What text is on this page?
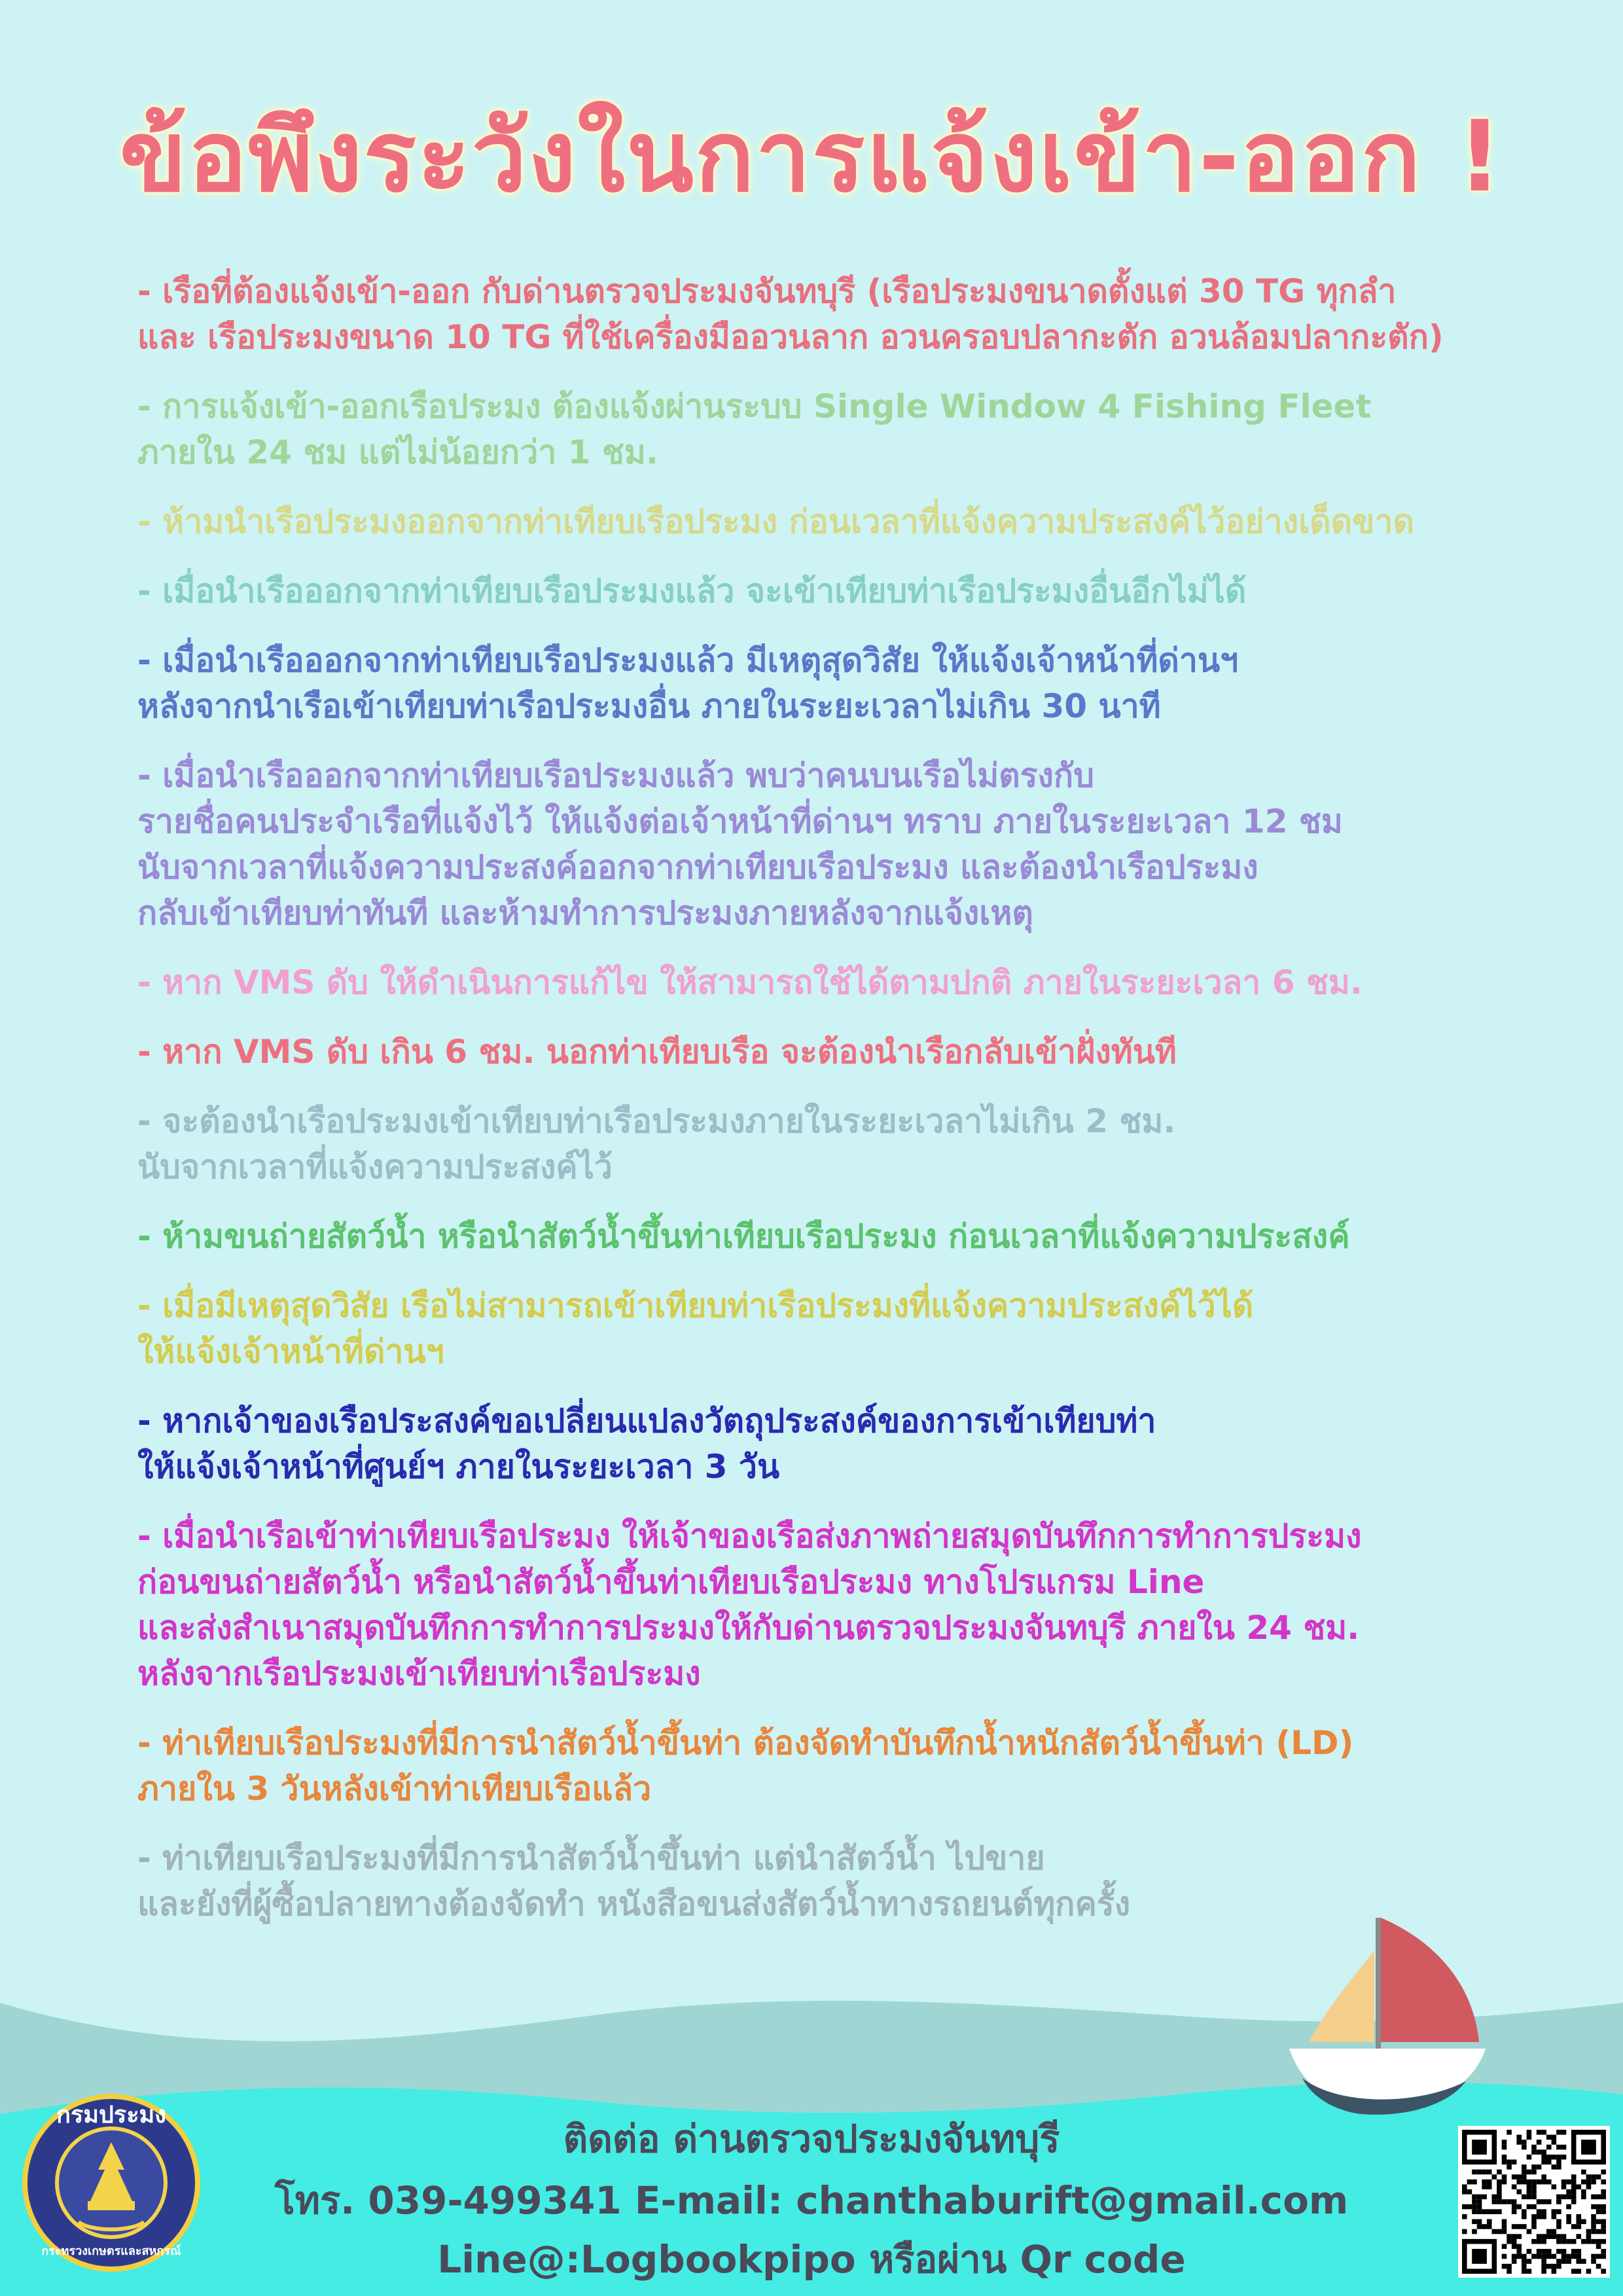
ข้อพึงระวังในการแจ้งเข้า-ออก !
- เรือที่ต้องแจ้งเข้า-ออก กับด่านตรวจประมงจันทบุรี (เรือประมงขนาดตั้งแต่ 30 TG ทุกลำ
และ เรือประมงขนาด 10 TG ที่ใช้เครื่องมืออวนลาก อวนครอบปลากะตัก อวนล้อมปลากะตัก)
- การแจ้งเข้า-ออกเรือประมง ต้องแจ้งผ่านระบบ Single Window 4 Fishing Fleet
ภายใน 24 ชม แต่ไม่น้อยกว่า 1 ชม.
- ห้ามนำเรือประมงออกจากท่าเทียบเรือประมง ก่อนเวลาที่แจ้งความประสงค์ไว้อย่างเด็ดขาด
- เมื่อนำเรือออกจากท่าเทียบเรือประมงแล้ว จะเข้าเทียบท่าเรือประมงอื่นอีกไม่ได้
- เมื่อนำเรือออกจากท่าเทียบเรือประมงแล้ว มีเหตุสุดวิสัย ให้แจ้งเจ้าหน้าที่ด่านฯ
หลังจากนำเรือเข้าเทียบท่าเรือประมงอื่น ภายในระยะเวลาไม่เกิน 30 นาที
- เมื่อนำเรือออกจากท่าเทียบเรือประมงแล้ว พบว่าคนบนเรือไม่ตรงกับ
รายชื่อคนประจำเรือที่แจ้งไว้ ให้แจ้งต่อเจ้าหน้าที่ด่านฯ ทราบ ภายในระยะเวลา 12 ชม
นับจากเวลาที่แจ้งความประสงค์ออกจากท่าเทียบเรือประมง และต้องนำเรือประมง
กลับเข้าเทียบท่าทันที และห้ามทำการประมงภายหลังจากแจ้งเหตุ
- หาก VMS ดับ ให้ดำเนินการแก้ไข ให้สามารถใช้ได้ตามปกติ ภายในระยะเวลา 6 ชม.
- หาก VMS ดับ เกิน 6 ชม. นอกท่าเทียบเรือ จะต้องนำเรือกลับเข้าฝั่งทันที
- จะต้องนำเรือประมงเข้าเทียบท่าเรือประมงภายในระยะเวลาไม่เกิน 2 ชม.
นับจากเวลาที่แจ้งความประสงค์ไว้
- ห้ามขนถ่ายสัตว์น้ำ หรือนำสัตว์น้ำขึ้นท่าเทียบเรือประมง ก่อนเวลาที่แจ้งความประสงค์
- เมื่อมีเหตุสุดวิสัย เรือไม่สามารถเข้าเทียบท่าเรือประมงที่แจ้งความประสงค์ไว้ได้
ให้แจ้งเจ้าหน้าที่ด่านฯ
- หากเจ้าของเรือประสงค์ขอเปลี่ยนแปลงวัตถุประสงค์ของการเข้าเทียบท่า
ให้แจ้งเจ้าหน้าที่ศูนย์ฯ ภายในระยะเวลา 3 วัน
- เมื่อนำเรือเข้าท่าเทียบเรือประมง ให้เจ้าของเรือส่งภาพถ่ายสมุดบันทึกการทำการประมง
ก่อนขนถ่ายสัตว์น้ำ หรือนำสัตว์น้ำขึ้นท่าเทียบเรือประมง ทางโปรแกรม Line
และส่งสำเนาสมุดบันทึกการทำการประมงให้กับด่านตรวจประมงจันทบุรี ภายใน 24 ชม.
หลังจากเรือประมงเข้าเทียบท่าเรือประมง
- ท่าเทียบเรือประมงที่มีการนำสัตว์น้ำขึ้นท่า ต้องจัดทำบันทึกน้ำหนักสัตว์น้ำขึ้นท่า (LD)
ภายใน 3 วันหลังเข้าท่าเทียบเรือแล้ว
- ท่าเทียบเรือประมงที่มีการนำสัตว์น้ำขึ้นท่า แต่นำสัตว์น้ำ ไปขาย
และยังที่ผู้ซื้อปลายทางต้องจัดทำ หนังสือขนส่งสัตว์น้ำทางรถยนต์ทุกครั้ง
กรมประมง
กระทรวงเกษตรและสหกรณ์
ติดต่อ ด่านตรวจประมงจันทบุรี
โทร. 039-499341 E-mail: chanthaburift@gmail.com
Line@:Logbookpipo หรือผ่าน Qr code
